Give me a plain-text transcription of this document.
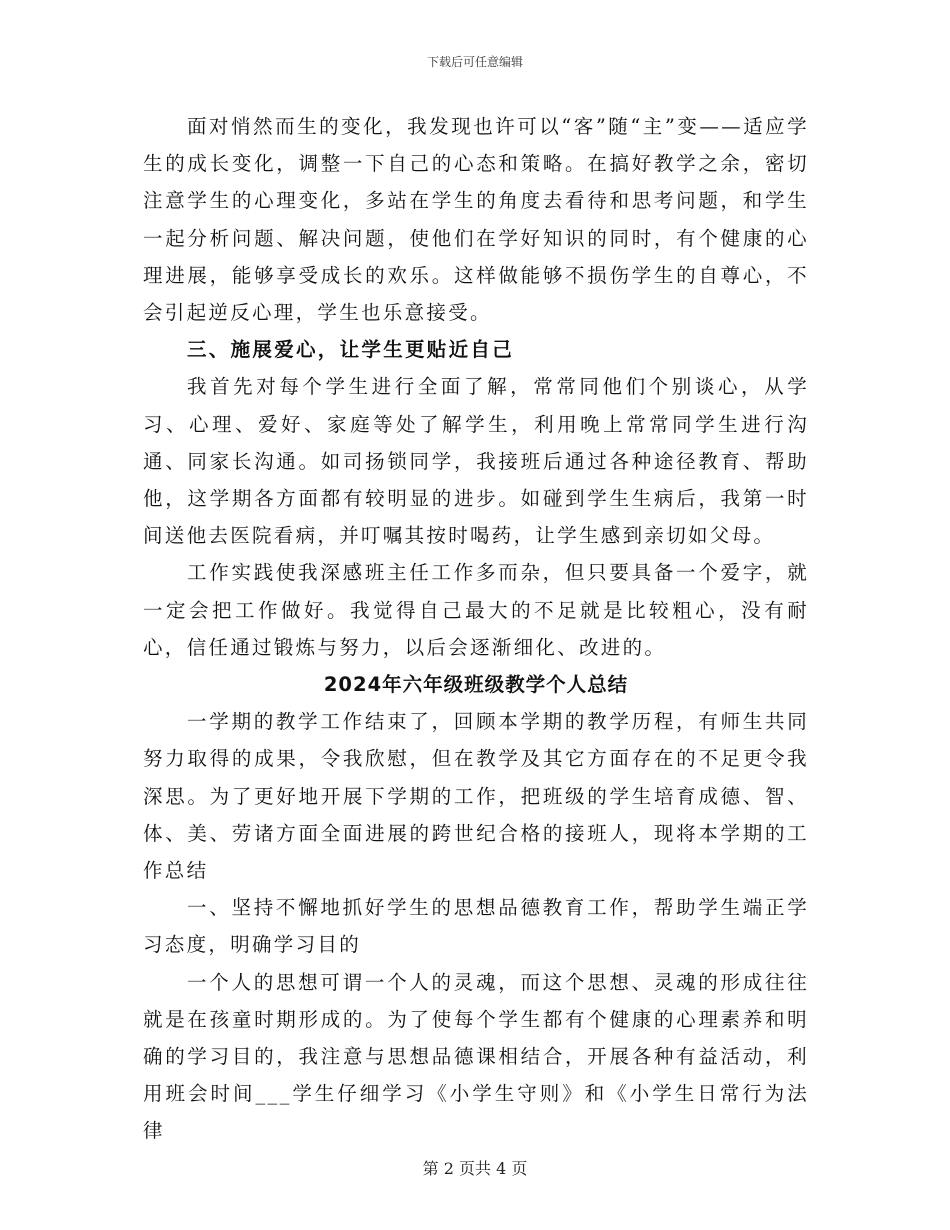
下载后可任意编辑

面对悄然而生的变化，我发现也许可以“客”随“主”变——适应学生的成长变化，调整一下自己的心态和策略。在搞好教学之余，密切注意学生的心理变化，多站在学生的角度去看待和思考问题，和学生一起分析问题、解决问题，使他们在学好知识的同时，有个健康的心理进展，能够享受成长的欢乐。这样做能够不损伤学生的自尊心，不会引起逆反心理，学生也乐意接受。

三、施展爱心，让学生更贴近自己

我首先对每个学生进行全面了解，常常同他们个别谈心，从学习、心理、爱好、家庭等处了解学生，利用晚上常常同学生进行沟通、同家长沟通。如司扬锁同学，我接班后通过各种途径教育、帮助他，这学期各方面都有较明显的进步。如碰到学生生病后，我第一时间送他去医院看病，并叮嘱其按时喝药，让学生感到亲切如父母。

工作实践使我深感班主任工作多而杂，但只要具备一个爱字，就一定会把工作做好。我觉得自己最大的不足就是比较粗心，没有耐心，信任通过锻炼与努力，以后会逐渐细化、改进的。

2024年六年级班级教学个人总结

一学期的教学工作结束了，回顾本学期的教学历程，有师生共同努力取得的成果，令我欣慰，但在教学及其它方面存在的不足更令我深思。为了更好地开展下学期的工作，把班级的学生培育成德、智、体、美、劳诸方面全面进展的跨世纪合格的接班人，现将本学期的工作总结

一、坚持不懈地抓好学生的思想品德教育工作，帮助学生端正学习态度，明确学习目的

一个人的思想可谓一个人的灵魂，而这个思想、灵魂的形成往往就是在孩童时期形成的。为了使每个学生都有个健康的心理素养和明确的学习目的，我注意与思想品德课相结合，开展各种有益活动，利用班会时间___学生仔细学习《小学生守则》和《小学生日常行为法律

第 2 页共 4 页
